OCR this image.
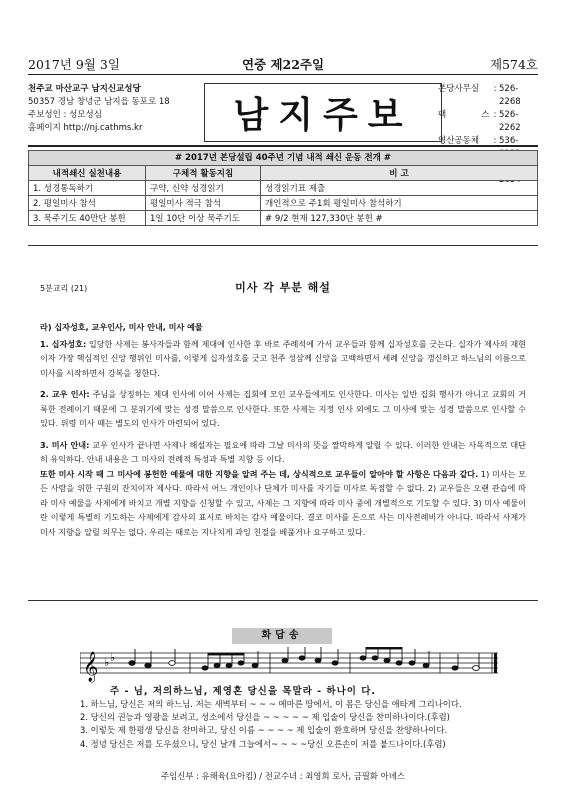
2017년 9월 3일	연중 제22주일	제574호
천주교 마산교구 남지신교성당
50357 경남 창녕군 남지읍 동포로 18
주보성인 : 성모성심
홈페이지 http://nj.cathms.kr	남지주보
본당사무실	: 526-2268
팩 스 : 526-2262
영산공동체	: 536-
# 2017년 본당설립 40주년 기념 내적 쇄신 운동 전개 #
내적쇄신 실천내용	구체적 활동지침	비 고
1. 성경통독하기	구약, 신약 성경읽기	성경읽기표 제출
2. 평일미사 참석	평일미사 적극 참석	개인적으로 주1회 평일미사 참석하기
3. 묵주기도 40만단 봉헌	1일 10단 이상 묵주기도	# 9/2 현재 127,330단 봉헌 #
5분교리 (21)	미사 각 부분 해설

라) 십자성호, 교우인사, 미사 안내, 미사 예물

1. 십자성호: 입당한 사제는 봉사자들과 함께 제대에 인사한 후 바로 주례석에 가서 교우들과 함께 십자성호를 긋는다. 십자가 제사의 재현이자 가장 핵심적인 신앙 행위인 미사를, 이렇게 십자성호를 긋고 천주 성삼께 신앙을 고백하면서 세례 신앙을 갱신하고 하느님의 이름으로 미사를 시작하면서 강복을 청한다.

2. 교우 인사: 주님을 상징하는 제대 인사에 이어 사제는 집회에 모인 교우들에게도 인사한다. 미사는 일반 집회 행사가 아니고 교회의 거룩한 전례이기 때문에 그 분위기에 맞는 성경 말씀으로 인사한다. 또한 사제는 지정 인사 외에도 그 미사에 맞는 성경 말씀으로 인사할 수 있다. 위령 미사 때는 별도의 인사가 마련되어 있다.

3. 미사 안내: 교우 인사가 끝나면 사제나 해설자는 필요에 따라 그날 미사의 뜻을 짤막하게 알릴 수 있다. 이러한 안내는 사목적으로 대단히 유익하다. 안내 내용은 그 미사의 전례적 특성과 특별 지향 등 이다.

또한 미사 시작 때 그 미사에 봉헌한 예물에 대한 지향을 알려 주는 데, 상식적으로 교우들이 알아야 할 사항은 다음과 같다. 1) 미사는 모든 사람을 위한 구원의 잔치이자 제사다. 따라서 어느 개인이나 단체가 미사를 자기들 미사로 독점할 수 없다. 2) 교우들은 오랜 관습에 따라 미사 예물을 사제에게 바치고 개별 지향을 신청할 수 있고, 사제는 그 지향에 따라 미사 중에 개별적으로 기도할 수 있다. 3) 미사 예물이란 이렇게 특별히 기도하는 사제에게 감사의 표시로 바치는 감사 예물이다. 결코 미사를 돈으로 사는 미사전례비가 아니다. 따라서 사제가 미사 지향을 알릴 의무는 없다. 우리는 때로는 지나치게 과잉 친절을 베풀거나 요구하고 있다.

화답송
𝄞 ♭ ♭
주 - 님, 저의하느님, 제영혼 당신을 목말라 - 하나이 다.
1. 하느님, 당신은 저의 하느님. 저는 새벽부터 ~ ~ ~ 메마른 땅에서, 이 몸은 당신을 애타게 그리나이다.
2. 당신의 권능과 영광을 보려고, 성소에서 당신을 ~ ~ ~ ~ ~ 제 입술이 당신을 찬미하나이다.(후렴)
3. 이렇듯 제 한평생 당신을 찬미하고, 당신 이름 ~ ~ ~ ~ 제 입술이 환호하며 당신을 찬양하나이다.
4. 정녕 당신은 저를 도우셨으니, 당신 날개 그늘에서~ ~ ~ ~당신 오른손이 저를 붙드나이다.(후렴)
주임신부 : 유해육(요아킴) / 전교수녀 : 최영희 로사, 금필화 아녜스
